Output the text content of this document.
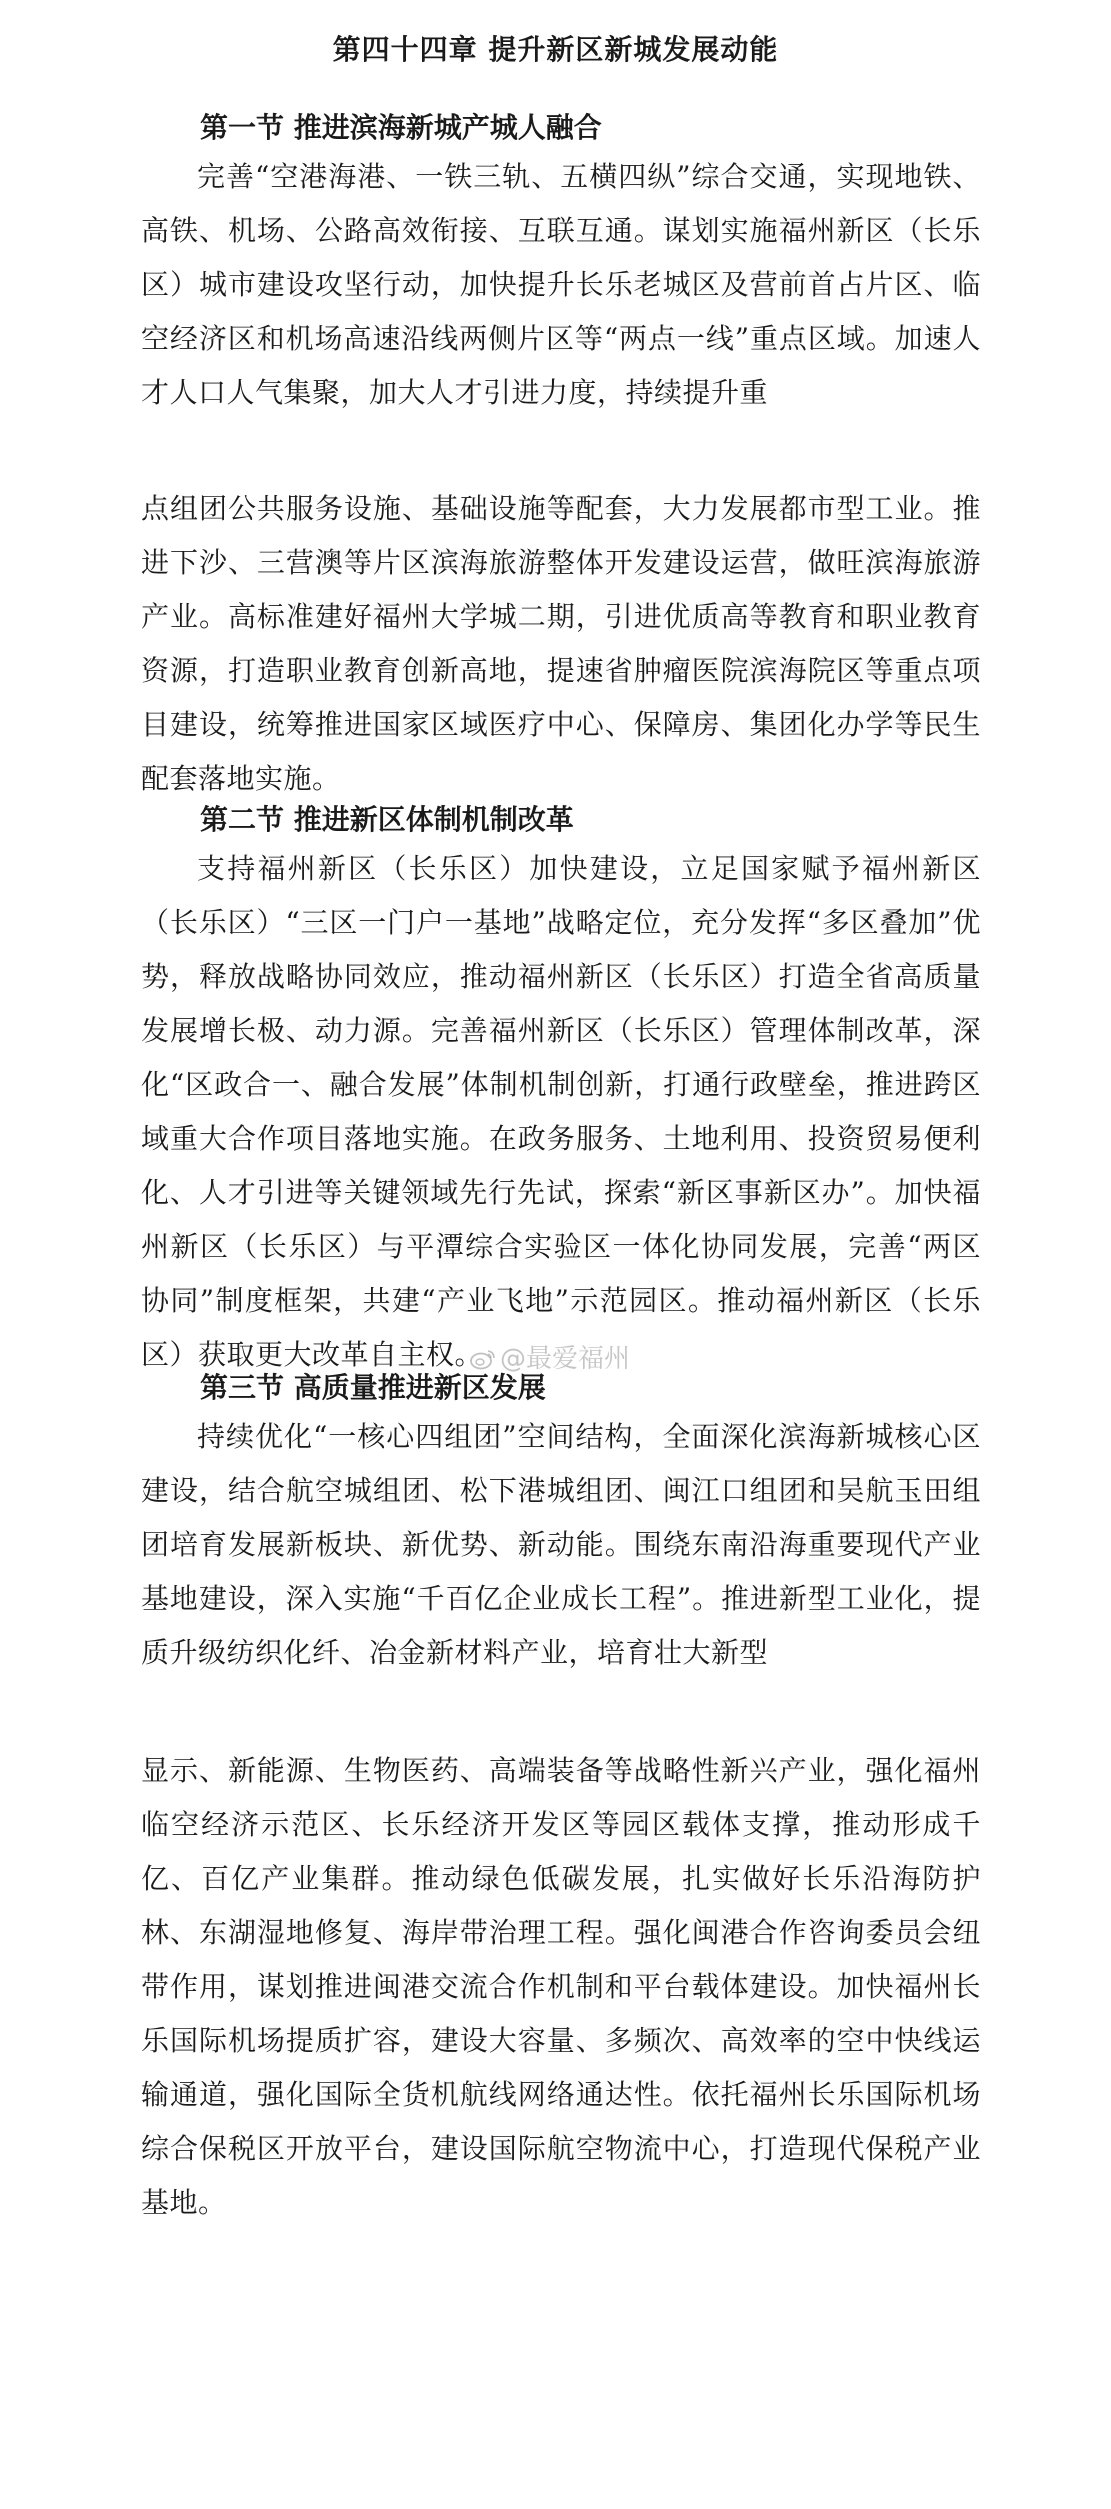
第四十四章 提升新区新城发展动能
第一节 推进滨海新城产城人融合

完善“空港海港、一铁三轨、五横四纵”综合交通，实现地铁、高铁、机场、公路高效衔接、互联互通。谋划实施福州新区（长乐区）城市建设攻坚行动，加快提升长乐老城区及营前首占片区、临空经济区和机场高速沿线两侧片区等“两点一线”重点区域。加速人才人口人气集聚，加大人才引进力度，持续提升重

点组团公共服务设施、基础设施等配套，大力发展都市型工业。推进下沙、三营澳等片区滨海旅游整体开发建设运营，做旺滨海旅游产业。高标准建好福州大学城二期，引进优质高等教育和职业教育资源，打造职业教育创新高地，提速省肿瘤医院滨海院区等重点项目建设，统筹推进国家区域医疗中心、保障房、集团化办学等民生配套落地实施。

第二节 推进新区体制机制改革

支持福州新区（长乐区）加快建设，立足国家赋予福州新区（长乐区）“三区一门户一基地”战略定位，充分发挥“多区叠加”优势，释放战略协同效应，推动福州新区（长乐区）打造全省高质量发展增长极、动力源。完善福州新区（长乐区）管理体制改革，深化“区政合一、融合发展”体制机制创新，打通行政壁垒，推进跨区域重大合作项目落地实施。在政务服务、土地利用、投资贸易便利化、人才引进等关键领域先行先试，探索“新区事新区办”。加快福州新区（长乐区）与平潭综合实验区一体化协同发展，完善“两区协同”制度框架，共建“产业飞地”示范园区。推动福州新区（长乐区）获取更大改革自主权。

第三节 高质量推进新区发展

持续优化“一核心四组团”空间结构，全面深化滨海新城核心区建设，结合航空城组团、松下港城组团、闽江口组团和吴航玉田组团培育发展新板块、新优势、新动能。围绕东南沿海重要现代产业基地建设，深入实施“千百亿企业成长工程”。推进新型工业化，提质升级纺织化纤、冶金新材料产业，培育壮大新型

显示、新能源、生物医药、高端装备等战略性新兴产业，强化福州临空经济示范区、长乐经济开发区等园区载体支撑，推动形成千亿、百亿产业集群。推动绿色低碳发展，扎实做好长乐沿海防护林、东湖湿地修复、海岸带治理工程。强化闽港合作咨询委员会纽带作用，谋划推进闽港交流合作机制和平台载体建设。加快福州长乐国际机场提质扩容，建设大容量、多频次、高效率的空中快线运输通道，强化国际全货机航线网络通达性。依托福州长乐国际机场综合保税区开放平台，建设国际航空物流中心，打造现代保税产业基地。

@最爱福州
